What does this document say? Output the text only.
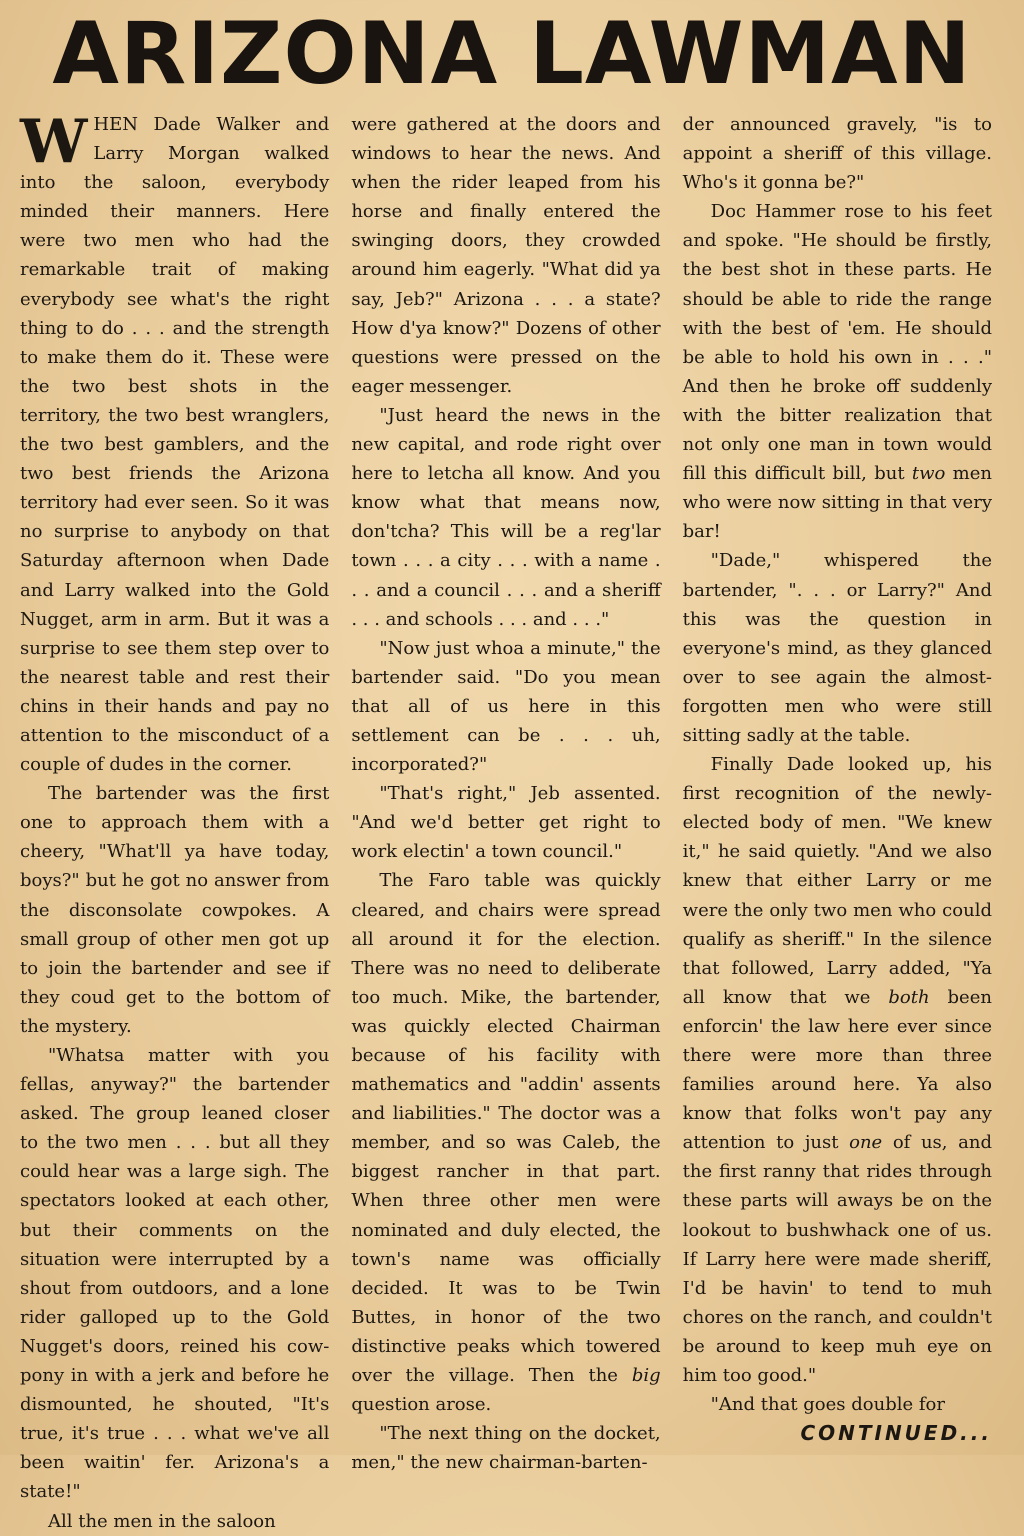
ARIZONA LAWMAN

WHEN Dade Walker and Larry Morgan walked into the saloon, everybody minded their manners. Here were two men who had the remarkable trait of making everybody see what's the right thing to do . . . and the strength to make them do it. These were the two best shots in the territory, the two best wranglers, the two best gamblers, and the two best friends the Arizona territory had ever seen. So it was no surprise to anybody on that Saturday afternoon when Dade and Larry walked into the Gold Nugget, arm in arm. But it was a surprise to see them step over to the nearest table and rest their chins in their hands and pay no attention to the misconduct of a couple of dudes in the corner.

The bartender was the first one to approach them with a cheery, "What'll ya have today, boys?" but he got no answer from the disconsolate cowpokes. A small group of other men got up to join the bartender and see if they coud get to the bottom of the mystery.

"Whatsa matter with you fellas, anyway?" the bartender asked. The group leaned closer to the two men . . . but all they could hear was a large sigh. The spectators looked at each other, but their comments on the situation were interrupted by a shout from outdoors, and a lone rider galloped up to the Gold Nugget's doors, reined his cow-pony in with a jerk and before he dismounted, he shouted, "It's true, it's true . . . what we've all been waitin' fer. Arizona's a state!"

All the men in the saloon

were gathered at the doors and windows to hear the news. And when the rider leaped from his horse and finally entered the swinging doors, they crowded around him eagerly. "What did ya say, Jeb?" Arizona . . . a state? How d'ya know?" Dozens of other questions were pressed on the eager messenger.

"Just heard the news in the new capital, and rode right over here to letcha all know. And you know what that means now, don'tcha? This will be a reg'lar town . . . a city . . . with a name . . . and a council . . . and a sheriff . . . and schools . . . and . . ."

"Now just whoa a minute," the bartender said. "Do you mean that all of us here in this settlement can be . . . uh, incorporated?"

"That's right," Jeb assented. "And we'd better get right to work electin' a town council."

The Faro table was quickly cleared, and chairs were spread all around it for the election. There was no need to deliberate too much. Mike, the bartender, was quickly elected Chairman because of his facility with mathematics and "addin' assents and liabilities." The doctor was a member, and so was Caleb, the biggest rancher in that part. When three other men were nominated and duly elected, the town's name was officially decided. It was to be Twin Buttes, in honor of the two distinctive peaks which towered over the village. Then the big question arose.

"The next thing on the docket, men," the new chairman-barten-

der announced gravely, "is to appoint a sheriff of this village. Who's it gonna be?"

Doc Hammer rose to his feet and spoke. "He should be firstly, the best shot in these parts. He should be able to ride the range with the best of 'em. He should be able to hold his own in . . ." And then he broke off suddenly with the bitter realization that not only one man in town would fill this difficult bill, but two men who were now sitting in that very bar!

"Dade," whispered the bartender, ". . . or Larry?" And this was the question in everyone's mind, as they glanced over to see again the almost-forgotten men who were still sitting sadly at the table.

Finally Dade looked up, his first recognition of the newly-elected body of men. "We knew it," he said quietly. "And we also knew that either Larry or me were the only two men who could qualify as sheriff." In the silence that followed, Larry added, "Ya all know that we both been enforcin' the law here ever since there were more than three families around here. Ya also know that folks won't pay any attention to just one of us, and the first ranny that rides through these parts will aways be on the lookout to bushwhack one of us. If Larry here were made sheriff, I'd be havin' to tend to muh chores on the ranch, and couldn't be around to keep muh eye on him too good."

"And that goes double for

CONTINUED...
